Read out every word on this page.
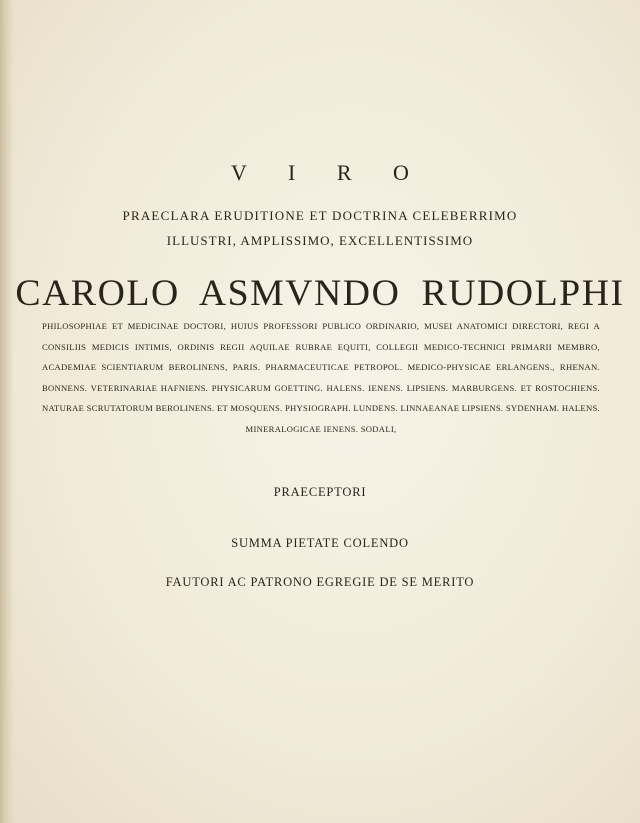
V I R O
PRAECLARA ERUDITIONE ET DOCTRINA CELEBERRIMO
ILLUSTRI, AMPLISSIMO, EXCELLENTISSIMO
CAROLO ASMVNDO RUDOLPHI
PHILOSOPHIAE ET MEDICINAE DOCTORI, HUIUS PROFESSORI PUBLICO ORDINARIO, MUSEI ANATOMICI DIRECTORI, REGI A CONSILIIS MEDICIS INTIMIS, ORDINIS REGII AQUILAE RUBRAE EQUITI, COLLEGII MEDICO-TECHNICI PRIMARII MEMBRO, ACADEMIAE SCIENTIARUM BEROLINENS, PARIS. PHARMACEUTICAE PETROPOL. MEDICO-PHYSICAE ERLANGENS., RHENAN. BONNENS. VETERINARIAE HAFNIENS. PHYSICARUM GOETTING. HALENS. IENENS. LIPSIENS. MARBURGENS. ET ROSTOCHIENS. NATURAE SCRUTATORUM BEROLINENS. ET MOSQUENS. PHYSIOGRAPH. LUNDENS. LINNAEANAE LIPSIENS. SYDENHAM. HALENS. MINERALOGICAE IENENS. SODALI,
PRAECEPTORI
SUMMA PIETATE COLENDO
FAUTORI AC PATRONO EGREGIE DE SE MERITO
